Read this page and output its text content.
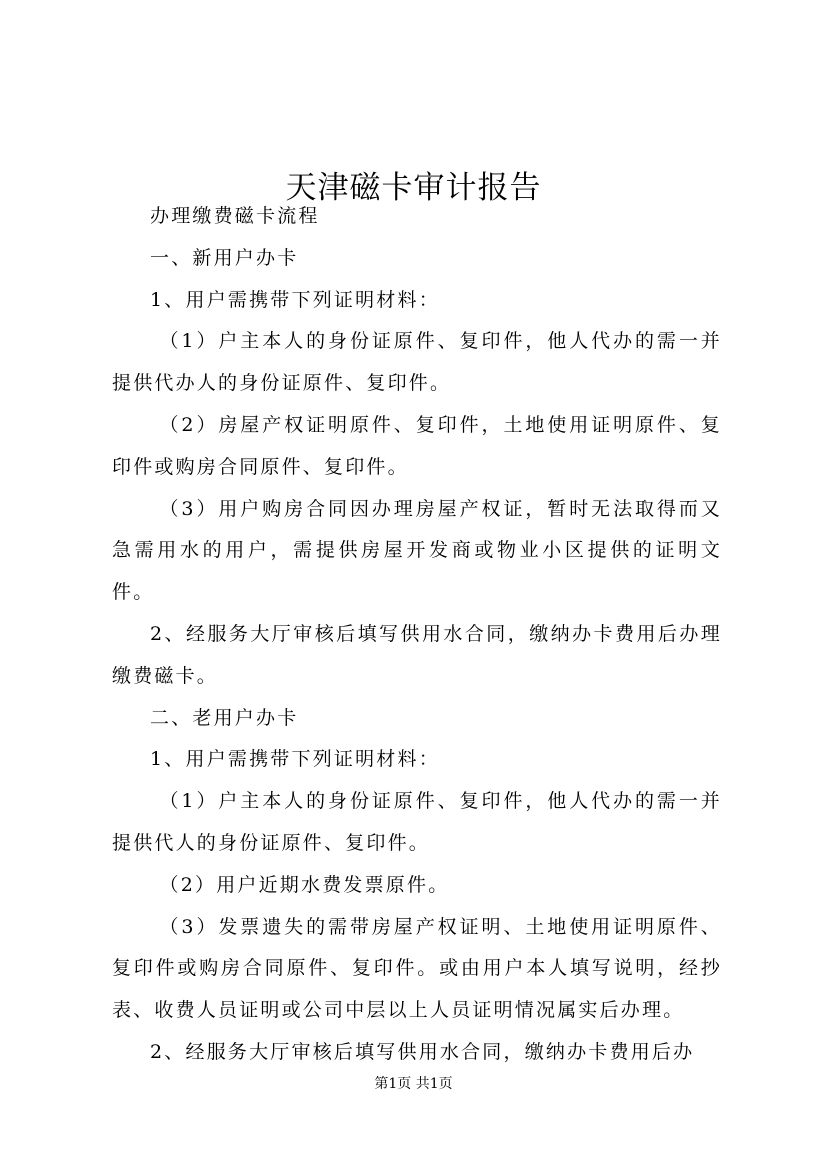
天津磁卡审计报告

办理缴费磁卡流程

一、新用户办卡

1、用户需携带下列证明材料：

（1）户主本人的身份证原件、复印件，他人代办的需一并提供代办人的身份证原件、复印件。

（2）房屋产权证明原件、复印件，土地使用证明原件、复印件或购房合同原件、复印件。

（3）用户购房合同因办理房屋产权证，暂时无法取得而又急需用水的用户，需提供房屋开发商或物业小区提供的证明文件。

2、经服务大厅审核后填写供用水合同，缴纳办卡费用后办理缴费磁卡。

二、老用户办卡

1、用户需携带下列证明材料：

（1）户主本人的身份证原件、复印件，他人代办的需一并提供代人的身份证原件、复印件。

（2）用户近期水费发票原件。

（3）发票遗失的需带房屋产权证明、土地使用证明原件、复印件或购房合同原件、复印件。或由用户本人填写说明，经抄表、收费人员证明或公司中层以上人员证明情况属实后办理。

2、经服务大厅审核后填写供用水合同，缴纳办卡费用后办

第1页 共1页
